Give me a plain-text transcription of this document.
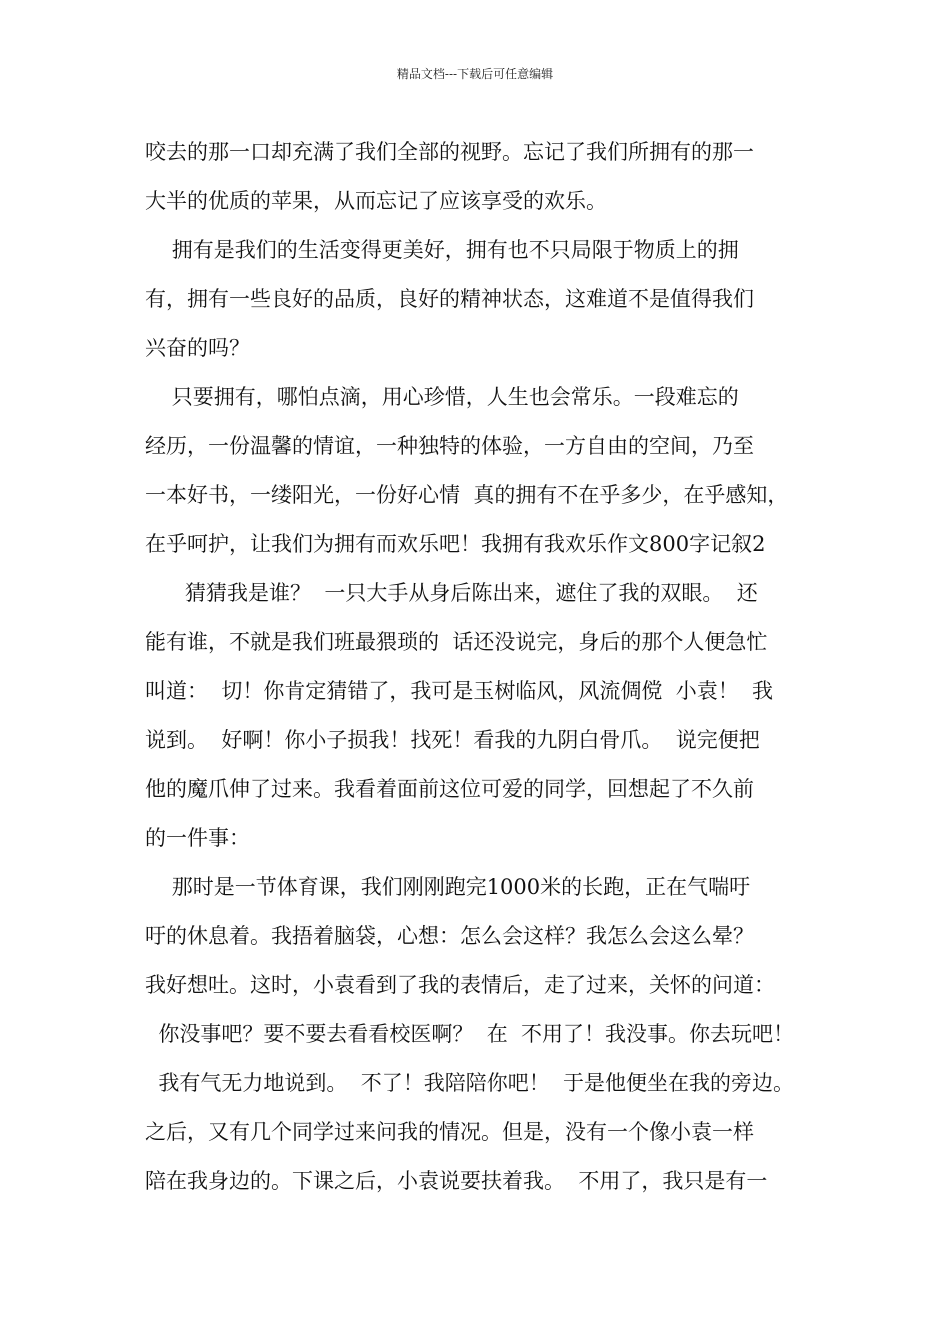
精品文档---下载后可任意编辑
咬去的那一口却充满了我们全部的视野。忘记了我们所拥有的那一
大半的优质的苹果，从而忘记了应该享受的欢乐。
拥有是我们的生活变得更美好，拥有也不只局限于物质上的拥
有，拥有一些良好的品质，良好的精神状态，这难道不是值得我们
兴奋的吗？
只要拥有，哪怕点滴，用心珍惜，人生也会常乐。一段难忘的
经历，一份温馨的情谊，一种独特的体验，一方自由的空间，乃至
一本好书，一缕阳光，一份好心情  真的拥有不在乎多少，在乎感知，
在乎呵护，让我们为拥有而欢乐吧！我拥有我欢乐作文800字记叙2
猜猜我是谁？  一只大手从身后陈出来，遮住了我的双眼。  还
能有谁，不就是我们班最猥琐的  话还没说完，身后的那个人便急忙
叫道：  切！你肯定猜错了，我可是玉树临风，风流倜傥  小袁！  我
说到。  好啊！你小子损我！找死！看我的九阴白骨爪。  说完便把
他的魔爪伸了过来。我看着面前这位可爱的同学，回想起了不久前
的一件事：
那时是一节体育课，我们刚刚跑完1000米的长跑，正在气喘吁
吁的休息着。我捂着脑袋，心想：怎么会这样？我怎么会这么晕？
我好想吐。这时，小袁看到了我的表情后，走了过来，关怀的问道：
你没事吧？要不要去看看校医啊？  在  不用了！我没事。你去玩吧！
我有气无力地说到。  不了！我陪陪你吧！  于是他便坐在我的旁边。
之后，又有几个同学过来问我的情况。但是，没有一个像小袁一样
陪在我身边的。下课之后，小袁说要扶着我。  不用了，我只是有一
